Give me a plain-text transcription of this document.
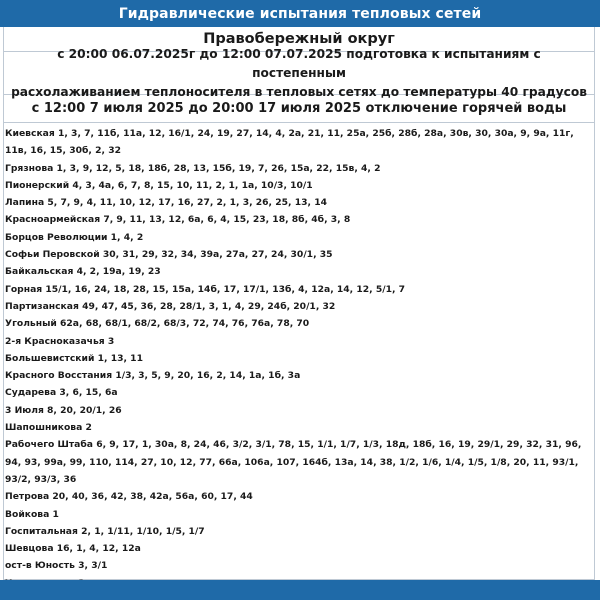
Гидравлические испытания тепловых сетей
Правобережный округ
с 20:00 06.07.2025г до 12:00 07.07.2025 подготовка к испытаниям с постепенным
расхолаживанием теплоносителя в тепловых сетях до температуры 40 градусов
с 12:00 7 июля 2025 до 20:00 17 июля 2025 отключение горячей воды
Киевская 1, 3, 7, 11б, 11а, 12, 16/1, 24, 19, 27, 14, 4, 2а, 21, 11, 25а, 25б, 28б, 28а, 30в, 30, 30а, 9, 9а, 11г, 11в, 16, 15, 30б, 2, 32
Грязнова 1, 3, 9, 12, 5, 18, 18б, 28, 13, 15б, 19, 7, 26, 15а, 22, 15в, 4, 2
Пионерский 4, 3, 4а, 6, 7, 8, 15, 10, 11, 2, 1, 1а, 10/3, 10/1
Лапина 5, 7, 9, 4, 11, 10, 12, 17, 16, 27, 2, 1, 3, 26, 25, 13, 14
Красноармейская 7, 9, 11, 13, 12, 6а, 6, 4, 15, 23, 18, 8б, 4б, 3, 8
Борцов Революции 1, 4, 2
Софьи Перовской 30, 31, 29, 32, 34, 39а, 27а, 27, 24, 30/1, 35
Байкальская 4, 2, 19а, 19, 23
Горная 15/1, 16, 24, 18, 28, 15, 15а, 14б, 17, 17/1, 13б, 4, 12а, 14, 12, 5/1, 7
Партизанская 49, 47, 45, 36, 28, 28/1, 3, 1, 4, 29, 24б, 20/1, 32
Угольный 62а, 68, 68/1, 68/2, 68/3, 72, 74, 76, 76а, 78, 70
2-я Красноказачья 3
Большевистский 1, 13, 11
Красного Восстания 1/3, 3, 5, 9, 20, 16, 2, 14, 1а, 1б, 3а
Сударева 3, 6, 15, 6а
3 Июля 8, 20, 20/1, 26
Шапошникова 2
Рабочего Штаба 6, 9, 17, 1, 30а, 8, 24, 46, 3/2, 3/1, 78, 15, 1/1, 1/7, 1/3, 18д, 18б, 16, 19, 29/1, 29, 32, 31, 96, 94, 93, 99а, 99, 110, 114, 27, 10, 12, 77, 66а, 106а, 107, 164б, 13а, 14, 38, 1/2, 1/6, 1/4, 1/5, 1/8, 20, 11, 93/1, 93/2, 93/3, 36
Петрова 20, 40, 36, 42, 38, 42а, 56а, 60, 17, 44
Войкова 1
Госпитальная 2, 1, 1/11, 1/10, 1/5, 1/7
Шевцова 16, 1, 4, 12, 12а
ост-в Юность 3, 3/1
